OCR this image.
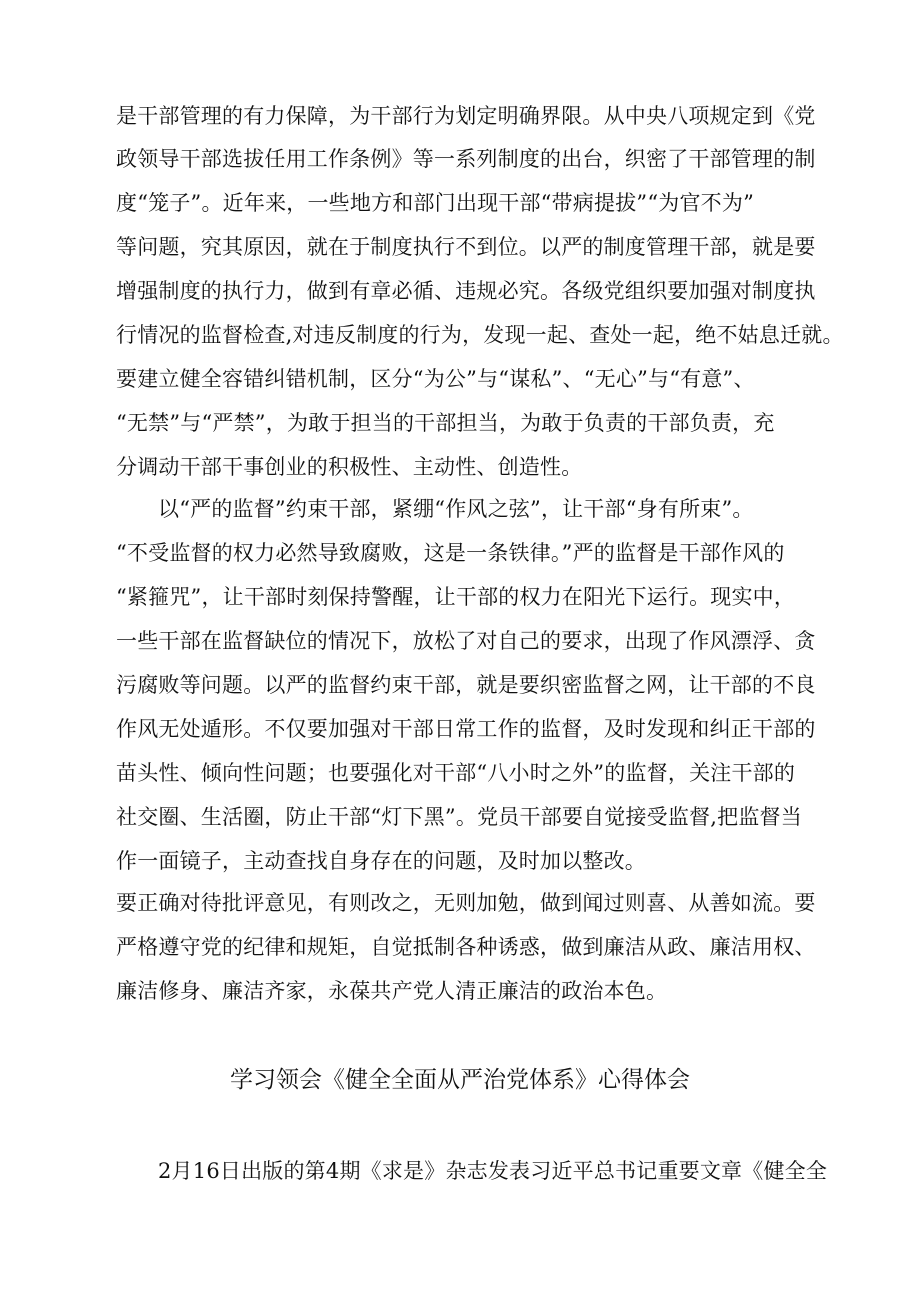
是干部管理的有力保障，为干部行为划定明确界限。从中央八项规定到《党
政领导干部选拔任用工作条例》等一系列制度的出台，织密了干部管理的制
度“笼子”。近年来，一些地方和部门出现干部“带病提拔”“为官不为”
等问题，究其原因，就在于制度执行不到位。以严的制度管理干部，就是要
增强制度的执行力，做到有章必循、违规必究。各级党组织要加强对制度执
行情况的监督检查,对违反制度的行为，发现一起、查处一起，绝不姑息迁就。
要建立健全容错纠错机制，区分“为公”与“谋私”、“无心”与“有意”、
“无禁”与“严禁”，为敢于担当的干部担当，为敢于负责的干部负责，充
分调动干部干事创业的积极性、主动性、创造性。
以“严的监督”约束干部，紧绷“作风之弦”，让干部“身有所束”。
“不受监督的权力必然导致腐败，这是一条铁律。”严的监督是干部作风的
“紧箍咒”，让干部时刻保持警醒，让干部的权力在阳光下运行。现实中，
一些干部在监督缺位的情况下，放松了对自己的要求，出现了作风漂浮、贪
污腐败等问题。以严的监督约束干部，就是要织密监督之网，让干部的不良
作风无处遁形。不仅要加强对干部日常工作的监督，及时发现和纠正干部的
苗头性、倾向性问题；也要强化对干部“八小时之外”的监督，关注干部的
社交圈、生活圈，防止干部“灯下黑”。党员干部要自觉接受监督,把监督当
作一面镜子，主动查找自身存在的问题，及时加以整改。
要正确对待批评意见，有则改之，无则加勉，做到闻过则喜、从善如流。要
严格遵守党的纪律和规矩，自觉抵制各种诱惑，做到廉洁从政、廉洁用权、
廉洁修身、廉洁齐家，永葆共产党人清正廉洁的政治本色。
学习领会《健全全面从严治党体系》心得体会
2月16日出版的第4期《求是》杂志发表习近平总书记重要文章《健全全
